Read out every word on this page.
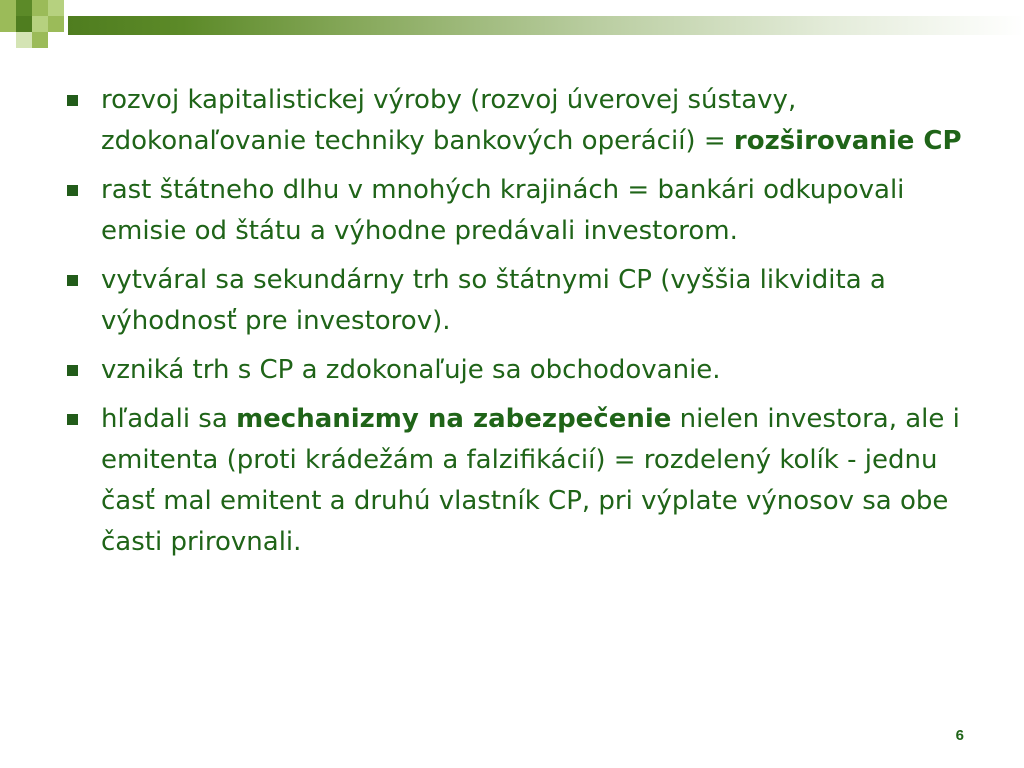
rozvoj kapitalistickej výroby (rozvoj úverovej sústavy, zdokonaľovanie techniky bankových operácií) = rozširovanie CP
rast štátneho dlhu v mnohých krajinách = bankári odkupovali emisie od štátu a výhodne predávali investorom.
vytváral sa sekundárny trh so štátnymi CP (vyššia likvidita a výhodnosť pre investorov).
vzniká trh s CP a zdokonaľuje sa obchodovanie.
hľadali sa mechanizmy na zabezpečenie nielen investora, ale i emitenta (proti krádežám a falzifikácií) = rozdelený kolík - jednu časť mal emitent a druhú vlastník CP, pri výplate výnosov sa obe časti prirovnali.
6
